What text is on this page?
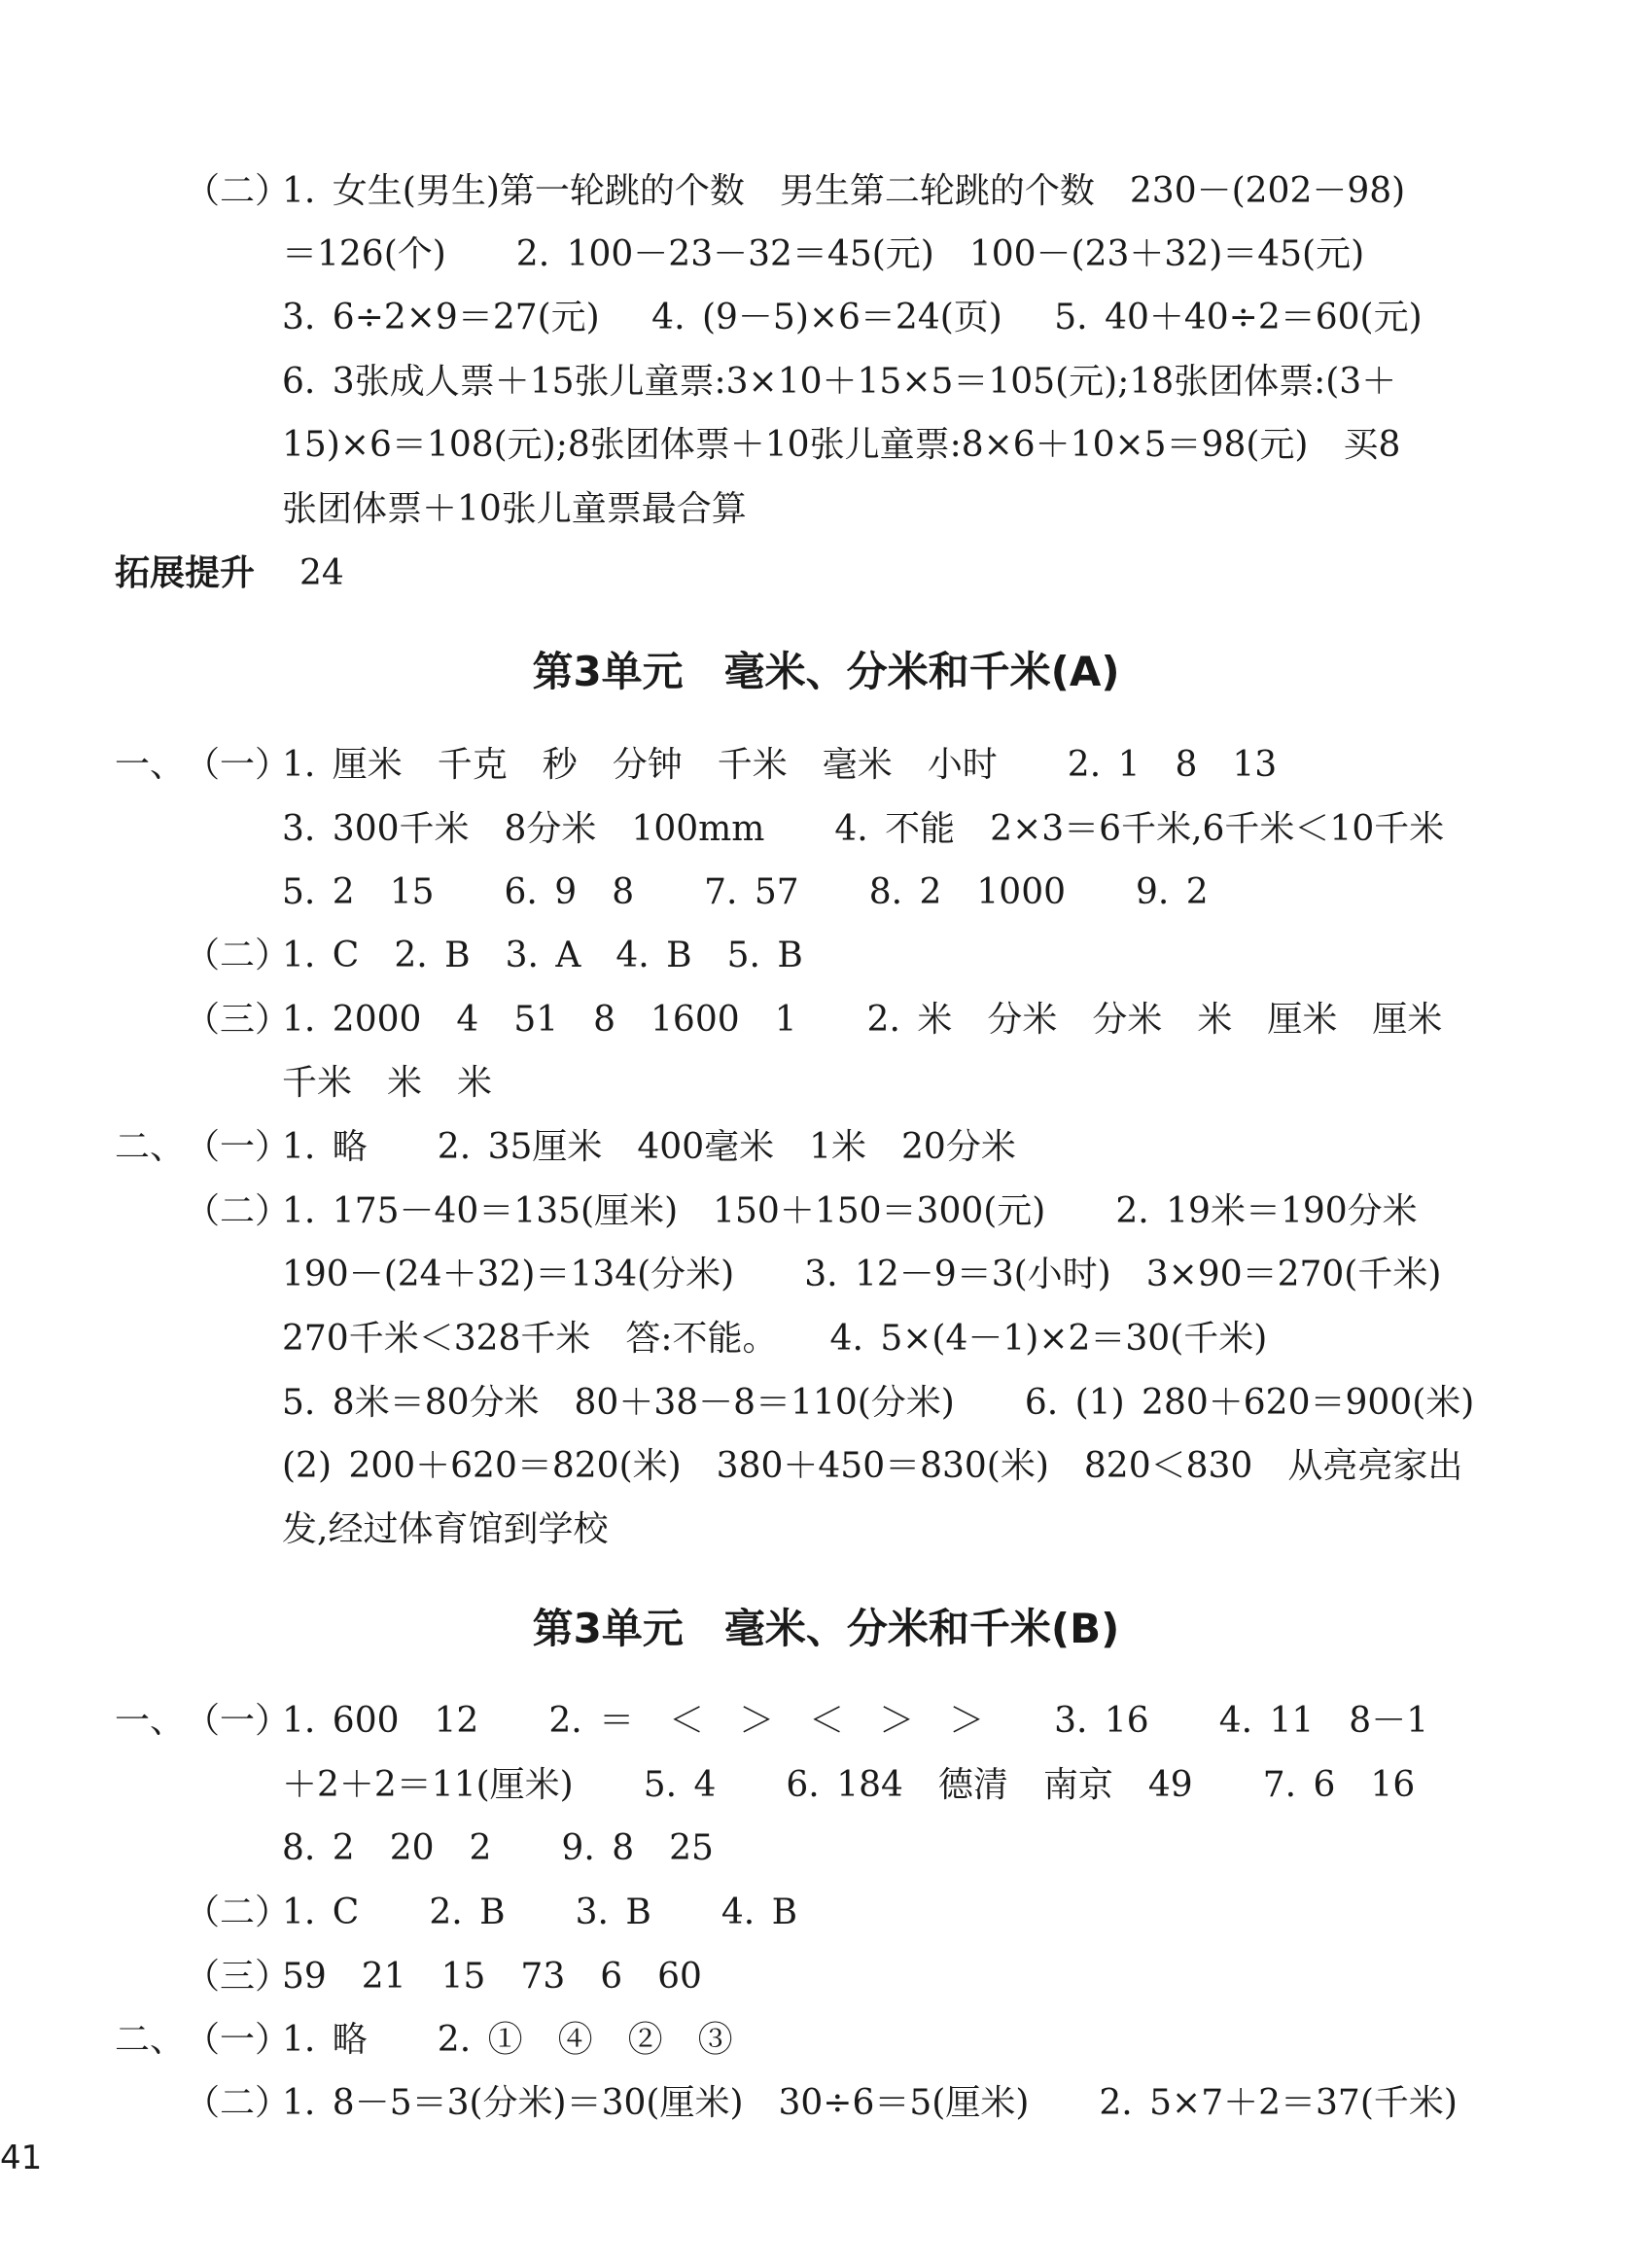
（二）
1. 女生(男生)第一轮跳的个数　男生第二轮跳的个数　230－(202－98)
＝126(个)　　2. 100－23－32＝45(元)　100－(23＋32)＝45(元)
3. 6÷2×9＝27(元)　 4. (9－5)×6＝24(页)　 5. 40＋40÷2＝60(元)
6. 3张成人票＋15张儿童票:3×10＋15×5＝105(元);18张团体票:(3＋
15)×6＝108(元);8张团体票＋10张儿童票:8×6＋10×5＝98(元)　买8
张团体票＋10张儿童票最合算
拓展提升 24
第3单元　毫米、分米和千米(A)
一、 （一）
1. 厘米　千克　秒　分钟　千米　毫米　小时　　2. 1　8　13
3. 300千米　8分米　100mm　　4. 不能　2×3＝6千米,6千米＜10千米
5. 2　15　　6. 9　8　　7. 57　　8. 2　1000　　9. 2
（二）
1. C　2. B　3. A　4. B　5. B
（三）
1. 2000　4　51　8　1600　1　　2. 米　分米　分米　米　厘米　厘米
千米　米　米
二、 （一）
1. 略　　2. 35厘米　400毫米　1米　20分米
（二）
1. 175－40＝135(厘米)　150＋150＝300(元)　　2. 19米＝190分米
190－(24＋32)＝134(分米)　　3. 12－9＝3(小时)　3×90＝270(千米)
270千米＜328千米　答:不能。　　4. 5×(4－1)×2＝30(千米)
5. 8米＝80分米　80＋38－8＝110(分米)　　6. (1) 280＋620＝900(米)
(2) 200＋620＝820(米)　380＋450＝830(米)　820＜830　从亮亮家出
发,经过体育馆到学校
第3单元　毫米、分米和千米(B)
一、 （一）
1. 600　12　　2. ＝　＜　＞　＜　＞　＞　　3. 16　　4. 11　8－1
＋2＋2＝11(厘米)　　5. 4　　6. 184　德清　南京　49　　7. 6　16
8. 2　20　2　　9. 8　25
（二）
1. C　　2. B　　3. B　　4. B
（三）
59　21　15　73　6　60
二、 （一）
1. 略　　2. ①　④　②　③
（二）
1. 8－5＝3(分米)＝30(厘米)　30÷6＝5(厘米)　　2. 5×7＋2＝37(千米)
41
